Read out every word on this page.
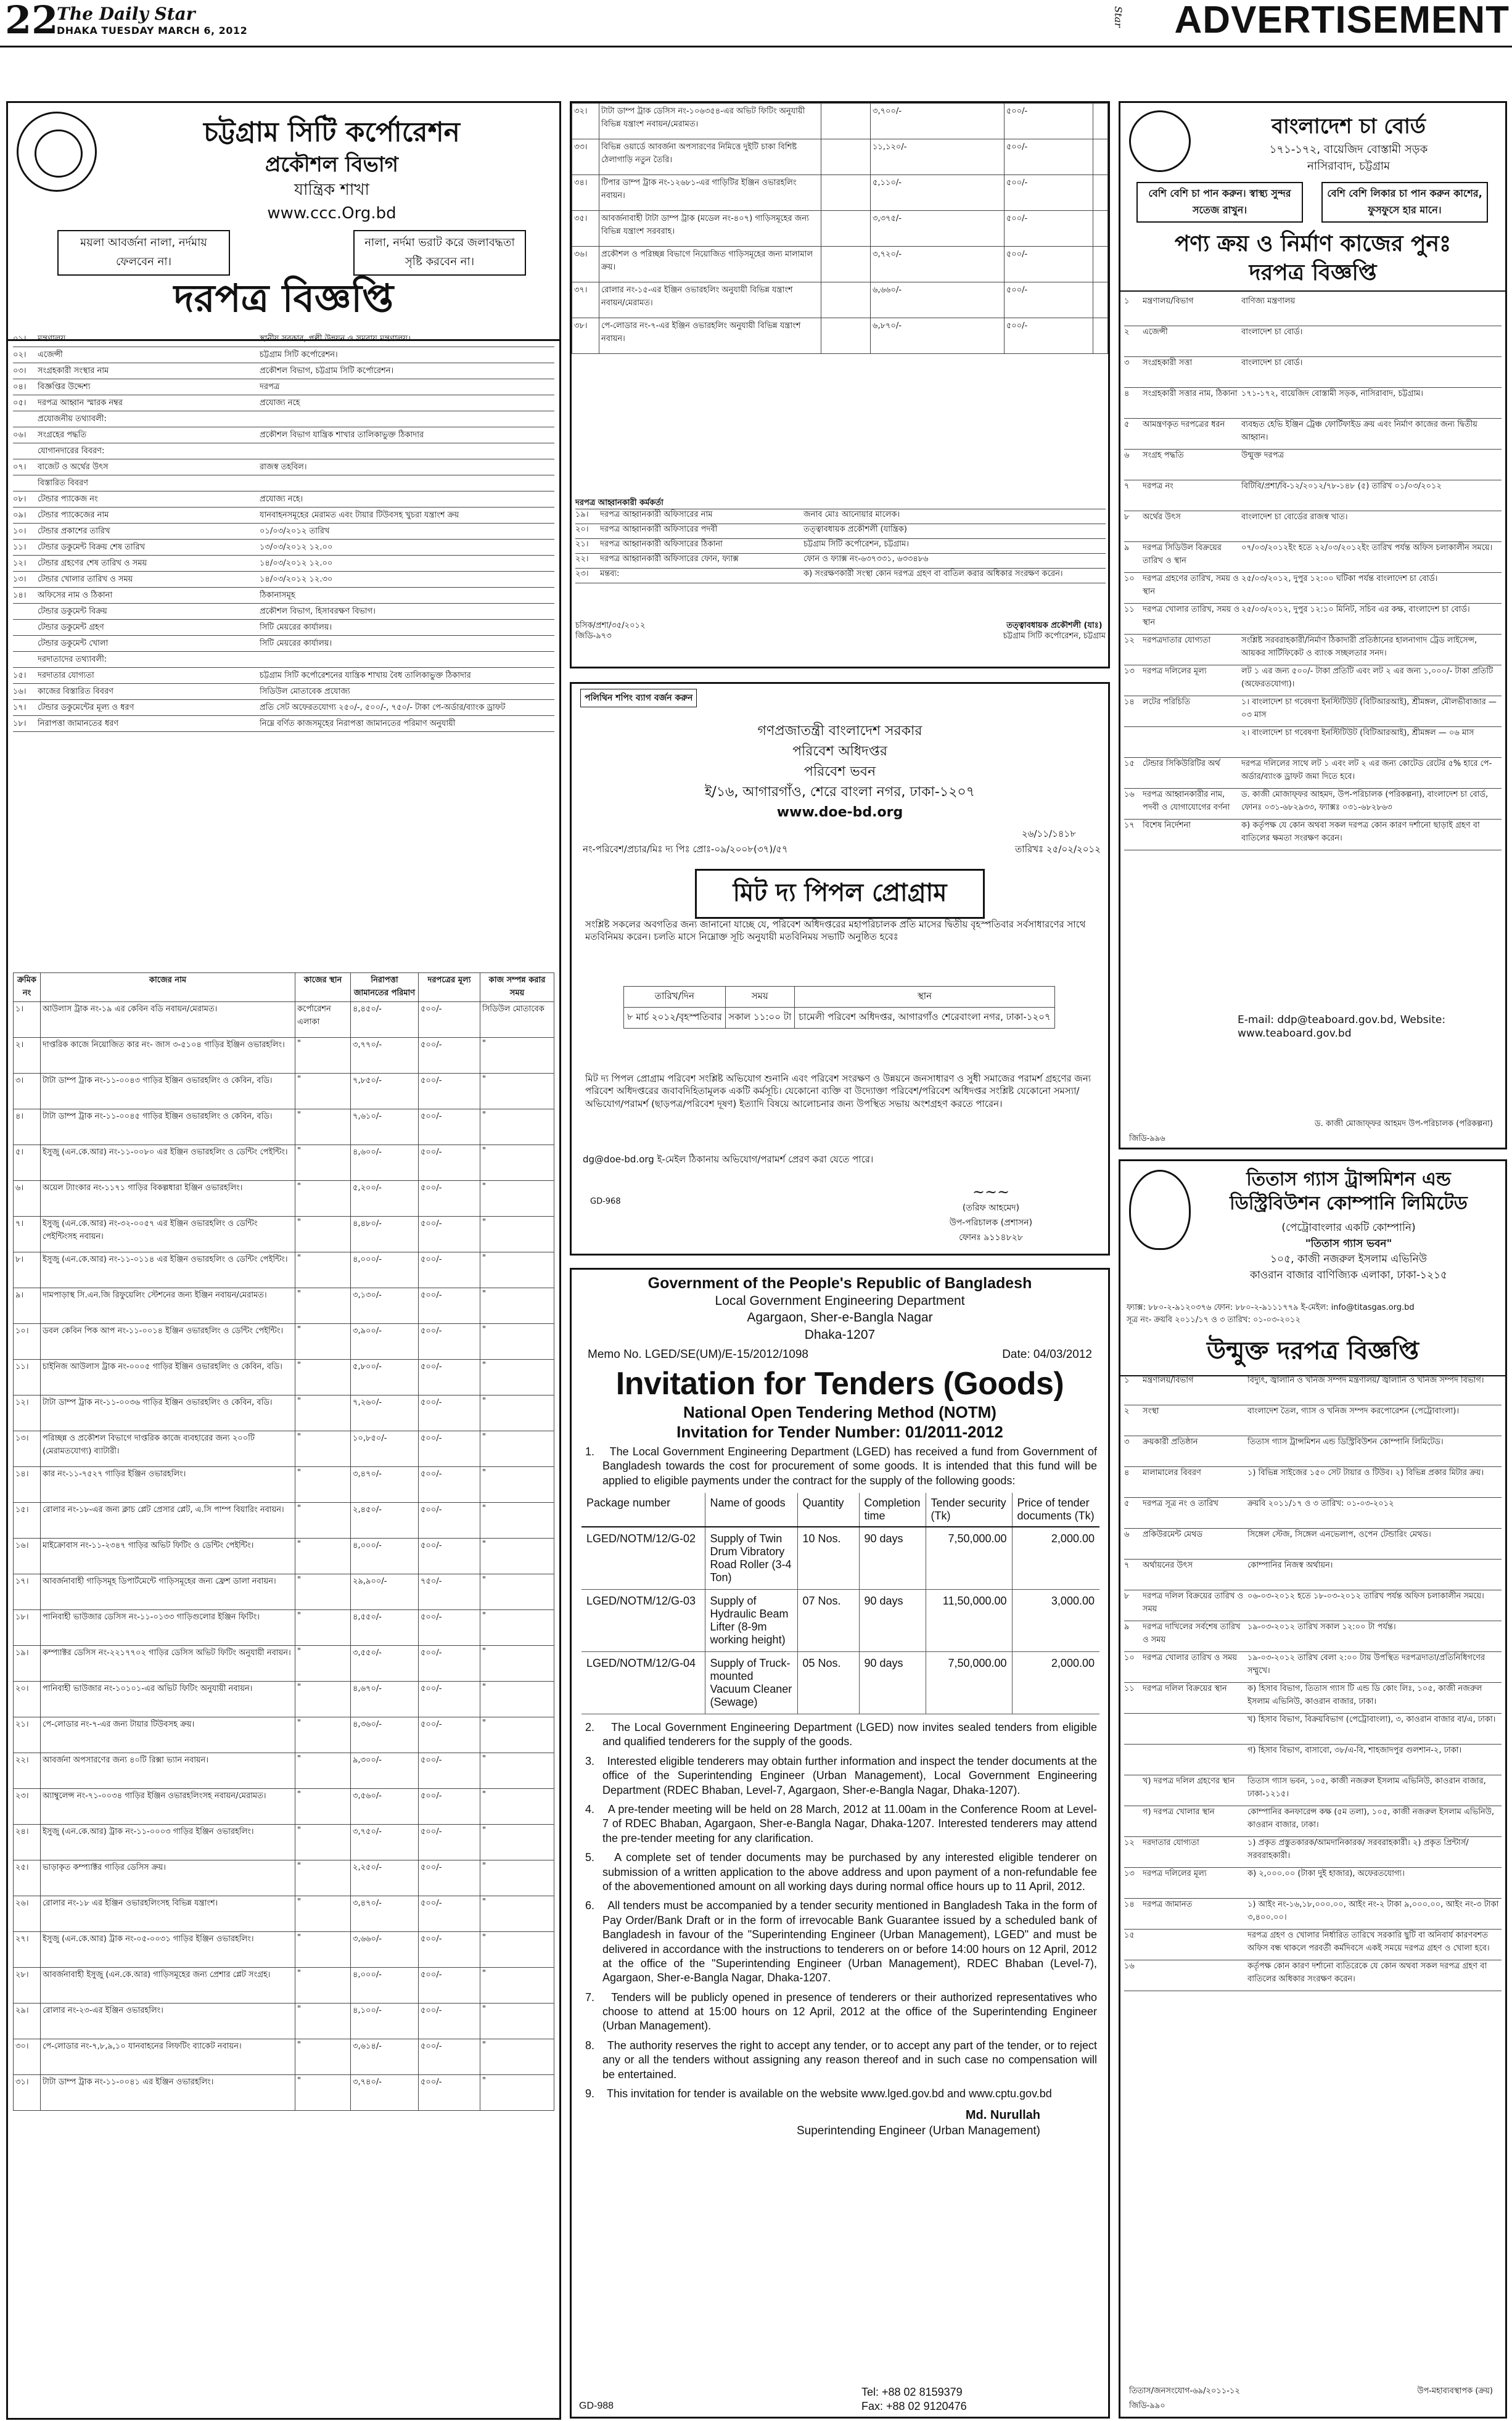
22
The Daily Star
DHAKA TUESDAY MARCH 6, 2012
Star ADVERTISEMENT
চট্টগ্রাম সিটি কর্পোরেশন
প্রকৌশল বিভাগ
যান্ত্রিক শাখা
www.ccc.Org.bd
ময়লা আবর্জনা নালা, নর্দমায় ফেলবেন না।
নালা, নর্দমা ভরাট করে জলাবদ্ধতা সৃষ্টি করবেন না।
দরপত্র বিজ্ঞপ্তি
০১।	মন্ত্রণালয়	স্থানীয় সরকার, পল্লী উন্নয়ন ও সমবায় মন্ত্রণালয়।
০২।	এজেন্সী	চট্টগ্রাম সিটি কর্পোরেশন।
০৩।	সংগ্রহকারী সংস্থার নাম	প্রকৌশল বিভাগ, চট্টগ্রাম সিটি কর্পোরেশন।
০৪।	বিজ্ঞপ্তির উদ্দেশ্য	দরপত্র
০৫।	দরপত্র আহ্বান স্মারক নম্বর	প্রযোজ্য নহে
প্রযোজনীয় তথ্যাবলী:
০৬।	সংগ্রহের পদ্ধতি	প্রকৌশল বিভাগ যান্ত্রিক শাখার তালিকাভুক্ত ঠিকাদার
যোগানদারের বিবরণ:
০৭।	বাজেট ও অর্থের উৎস	রাজস্ব তহবিল।
বিস্তারিত বিবরণ
০৮।	টেন্ডার প্যাকেজ নং	প্রযোজ্য নহে।
০৯।	টেন্ডার প্যাকেজের নাম	যানবাহনসমূহের মেরামত এবং টায়ার টিউবসহ খুচরা যন্ত্রাংশ ক্রয়
১০।	টেন্ডার প্রকাশের তারিখ	০১/০৩/২০১২ তারিখ
১১।	টেন্ডার ডকুমেন্ট বিক্রয় শেষ তারিখ	১৩/০৩/২০১২ ১২.০০
১২।	টেন্ডার গ্রহণের শেষ তারিখ ও সময়	১৪/০৩/২০১২ ১২.০০
১৩।	টেন্ডার খোলার তারিখ ও সময়	১৪/০৩/২০১২ ১২.৩০
১৪।	অফিসের নাম ও ঠিকানা	ঠিকানাসমূহ
টেন্ডার ডকুমেন্ট বিক্রয়	প্রকৌশল বিভাগ, হিসাবরক্ষণ বিভাগ।
টেন্ডার ডকুমেন্ট গ্রহণ	সিটি মেয়রের কার্যালয়।
টেন্ডার ডকুমেন্ট খোলা	সিটি মেয়রের কার্যালয়।
দরদাতাদের তথ্যাবলী:
১৫।	দরদাতার যোগ্যতা	চট্টগ্রাম সিটি কর্পোরেশনের যান্ত্রিক শাখায় বৈধ তালিকাভুক্ত ঠিকাদার
১৬।	কাজের বিস্তারিত বিবরণ	সিডিউল মোতাবেক প্রযোজ্য
১৭।	টেন্ডার ডকুমেন্টের মূল্য ও ধরণ	প্রতি সেট অফেরতযোগ্য ২৫০/-, ৫০০/-, ৭৫০/- টাকা পে-অর্ডার/ব্যাংক ড্রাফট
১৮।	নিরাপত্তা জামানতের ধরণ	নিম্নে বর্ণিত কাজসমূহের নিরাপত্তা জামানতের পরিমাণ অনুযায়ী
ক্রমিক নং	কাজের নাম	কাজের স্থান	নিরাপত্তা জামানতের পরিমাণ	দরপত্রের মূল্য	কাজ সম্পন্ন করার সময়
১।	আউলাস ট্রাক নং-১৯ এর কেবিন বডি নবায়ন/মেরামত।	কর্পোরেশন এলাকা	৪,৪৫০/-	৫০০/-	সিডিউল মোতাবেক
২।	দাপ্তরিক কাজে নিয়োজিত কার নং- জাস ৩-৫১০৪ গাড়ির ইঞ্জিন ওভারহলিং।	"	৩,৭৭০/-	৫০০/-	"
৩।	টাটা ডাম্প ট্রাক নং-১১-০০৪৩ গাড়ির ইঞ্জিন ওভারহলিং ও কেবিন, বডি।	"	৭,৮৫০/-	৫০০/-	"
৪।	টাটা ডাম্প ট্রাক নং-১১-০০৪৫ গাড়ির ইঞ্জিন ওভারহলিং ও কেবিন, বডি।	"	৭,৬১০/-	৫০০/-	"
৫।	ইসুজু (এন.কে.আর) নং-১১-০০৮০ এর ইঞ্জিন ওভারহলিং ও ডেন্টিং পেইন্টিং।	"	৪,৬০০/-	৫০০/-	"
৬।	অয়েল ট্যাংকার নং-১১৭১ গাড়ির বিকল্পধারা ইঞ্জিন ওভারহলিং।	"	৫,২০০/-	৫০০/-	"
৭।	ইসুজু (এন.কে.আর) নং-৩২-০০৫৭ এর ইঞ্জিন ওভারহলিং ও ডেন্টিং পেইন্টিংসহ নবায়ন।	"	৪,৪৮০/-	৫০০/-	"
৮।	ইসুজু (এন.কে.আর) নং-১১-০১১৪ এর ইঞ্জিন ওভারহলিং ও ডেন্টিং পেইন্টিং।	"	৪,০০০/-	৫০০/-	"
৯।	দামপাড়াস্থ সি.এন.জি রিফুয়েলিং স্টেশনের জন্য ইঞ্জিন নবায়ন/মেরামত।	"	৩,১৩০/-	৫০০/-	"
১০।	ডবল কেবিন পিক আপ নং-১১-০০১৪ ইঞ্জিন ওভারহলিং ও ডেন্টিং পেইন্টিং।	"	৩,৯০০/-	৫০০/-	"
১১।	চাইনিজ আউলাস ট্রাক নং-০০০৫ গাড়ির ইঞ্জিন ওভারহলিং ও কেবিন, বডি।	"	৫,৮০০/-	৫০০/-	"
১২।	টাটা ডাম্প ট্রাক নং-১১-০০৩৬ গাড়ির ইঞ্জিন ওভারহলিং ও কেবিন, বডি।	"	৭,২৬০/-	৫০০/-	"
১৩।	পরিচ্ছন্ন ও প্রকৌশল বিভাগে দাপ্তরিক কাজে ব্যবহারের জন্য ২০০টি (মেরামতযোগ্য) ব্যাটারী।	"	১০,৮৫০/-	৫০০/-	"
১৪।	কার নং-১১-৭৫২৭ গাড়ির ইঞ্জিন ওভারহলিং।	"	৩,৪৭০/-	৫০০/-	"
১৫।	রোলার নং-১৮-এর জন্য ক্লাচ প্লেট প্রেসার প্লেট, এ.সি পাম্প বিয়ারিং নবায়ন।	"	২,৪৫০/-	৫০০/-	"
১৬।	মাইক্রোবাস নং-১১-২৩৪৭ গাড়ির অভিট ফিটিং ও ডেন্টিং পেইন্টিং।	"	৪,০০০/-	৫০০/-	"
১৭।	আবর্জনাবাহী গাড়িসমূহ ডিপার্টমেন্টে গাড়িসমূহের জন্য ফ্রেশ ডালা নবায়ন।	"	২৯,৯০০/-	৭৫০/-	"
১৮।	পানিবাহী ভাউজার ডেসিস নং-১১-০১৩৩ গাড়িগুলোর ইঞ্জিন ফিটিং।	"	৪,৫৫০/-	৫০০/-	"
১৯।	কম্প্যাক্টর ডেসিস নং-২২১৭৭০২ গাড়ির ডেসিস অভিট ফিটিং অনুযায়ী নবায়ন।	"	৩,৫৫০/-	৫০০/-	"
২০।	পানিবাহী ভাউজার নং-১০১০১-এর অভিট ফিটিং অনুযায়ী নবায়ন।	"	৪,৬৭০/-	৫০০/-	"
২১।	পে-লোডার নং-৭-এর জন্য টায়ার টিউবসহ ক্রয়।	"	৪,৩৬০/-	৫০০/-	"
২২।	আবর্জনা অপসারণের জন্য ৪০টি রিক্সা ভ্যান নবায়ন।	"	৯,৩০০/-	৫০০/-	"
২৩।	অ্যাম্বুলেন্স নং-৭১-০০৩৪ গাড়ির ইঞ্জিন ওভারহলিংসহ নবায়ন/মেরামত।	"	৩,৫৬০/-	৫০০/-	"
২৪।	ইসুজু (এন.কে.আর) ট্রাক নং-১১-০০০৩ গাড়ির ইঞ্জিন ওভারহলিং।	"	৩,৭৫০/-	৫০০/-	"
২৫।	ভাড়াকৃত কম্প্যাক্টর গাড়ির ডেসিস ক্রয়।	"	২,২৫০/-	৫০০/-	"
২৬।	রোলার নং-১৮ এর ইঞ্জিন ওভারহলিংসহ বিভিন্ন যন্ত্রাংশ।	"	৩,৪৭০/-	৫০০/-	"
২৭।	ইসুজু (এন.কে.আর) ট্রাক নং-০৫-০০৩১ গাড়ির ইঞ্জিন ওভারহলিং।	"	৩,৬৬০/-	৫০০/-	"
২৮।	আবর্জনাবাহী ইসুজু (এন.কে.আর) গাড়িসমূহের জন্য প্রেশার প্লেট সংগ্রহ।	"	৪,০০০/-	৫০০/-	"
২৯।	রোলার নং-২৩-এর ইঞ্জিন ওভারহলিং।	"	৪,১০০/-	৫০০/-	"
৩০।	পে-লোডার নং-৭,৮,৯,১০ যানবাহনের লিফটিং ব্যাকেট নবায়ন।	"	৩,৬১৪/-	৫০০/-	"
৩১।	টাটা ডাম্প ট্রাক নং-১১-০০৪১ এর ইঞ্জিন ওভারহলিং।	"	৩,৭৪০/-	৫০০/-	"
৩২।	টাটা ডাম্প ট্রাক ডেসিস নং-১০৬৩৫৪-এর অভিট ফিটিং অনুযায়ী বিভিন্ন যন্ত্রাংশ নবায়ন/মেরামত।		৩,৭০০/-	৫০০/-	
৩৩।	বিভিন্ন ওয়ার্ডে আবর্জনা অপসারণের নিমিত্তে দুইটি চাকা বিশিষ্ট ঠেলাগাড়ি নতুন তৈরি।		১১,১২০/-	৫০০/-	
৩৪।	টিপার ডাম্প ট্রাক নং-১২৬৮১-এর গাড়িটির ইঞ্জিন ওভারহলিং নবায়ন।		৫,১১০/-	৫০০/-	
৩৫।	আবর্জনাবাহী টাটা ডাম্প ট্রাক (মডেল নং-৪০৭) গাড়িসমূহের জন্য বিভিন্ন যন্ত্রাংশ সরবরাহ।		৩,৩৭৫/-	৫০০/-	
৩৬।	প্রকৌশল ও পরিচ্ছন্ন বিভাগে নিয়োজিত গাড়িসমূহের জন্য মালামাল ক্রয়।		৩,৭২০/-	৫০০/-	
৩৭।	রোলার নং-১৫-এর ইঞ্জিন ওভারহলিং অনুযায়ী বিভিন্ন যন্ত্রাংশ নবায়ন/মেরামত।		৬,৬৬০/-	৫০০/-	
৩৮।	পে-লোডার নং-৭-এর ইঞ্জিন ওভারহলিং অনুযায়ী বিভিন্ন যন্ত্রাংশ নবায়ন।		৬,৮৭০/-	৫০০/-	
দরপত্র আহ্বানকারী কর্মকর্তা
১৯।	দরপত্র আহ্বানকারী অফিসারের নাম	জনাব মোঃ আনোয়ার মালেক।
২০।	দরপত্র আহ্বানকারী অফিসারের পদবী	তত্ত্বাবধায়ক প্রকৌশলী (যান্ত্রিক)
২১।	দরপত্র আহ্বানকারী অফিসারের ঠিকানা	চট্টগ্রাম সিটি কর্পোরেশন, চট্টগ্রাম।
২২।	দরপত্র আহ্বানকারী অফিসারের ফোন, ফ্যাক্স	ফোন ও ফ্যাক্স নং-৬৩৭৩৩১, ৬৩৩৪৮৬
২৩।	মন্তব্য:	ক) সংরক্ষণকারী সংস্থা কোন দরপত্র গ্রহণ বা বাতিল করার অধিকার সংরক্ষণ করেন।
চসিক/প্রশা/৩৫/২০১২
জিডি-৯৭৩
তত্ত্বাবধায়ক প্রকৌশলী (যাঃ)
চট্টগ্রাম সিটি কর্পোরেশন, চট্টগ্রাম
পলিথিন শপিং ব্যাগ বর্জন করুন
গণপ্রজাতন্ত্রী বাংলাদেশ সরকার
পরিবেশ অধিদপ্তর
পরিবেশ ভবন
ই/১৬, আগারগাঁও, শেরে বাংলা নগর, ঢাকা-১২০৭
www.doe-bd.org
২৬/১১/১৪১৮
নং-পরিবেশ/প্রচার/মিঃ দ্য পিঃ প্রোঃ-০৯/২০০৮(৩৭)/৫৭	তারিখঃ ২৫/০২/২০১২
মিট দ্য পিপল প্রোগ্রাম
সংশ্লিষ্ট সকলের অবগতির জন্য জানানো যাচ্ছে যে, পরিবেশ অধিদপ্তরের মহাপরিচালক প্রতি মাসের দ্বিতীয় বৃহস্পতিবার সর্বসাধারণের সাথে মতবিনিময় করেন। চলতি মাসে নিম্নোক্ত সূচি অনুযায়ী মতবিনিময় সভাটি অনুষ্ঠিত হবেঃ
তারিখ/দিন	সময়	স্থান
৮ মার্চ ২০১২/বৃহস্পতিবার	সকাল ১১:০০ টা	চামেলী পরিবেশ অধিদপ্তর, আগারগাঁও শেরেবাংলা নগর, ঢাকা-১২০৭
মিট দ্য পিপল প্রোগ্রাম পরিবেশ সংশ্লিষ্ট অভিযোগ শুনানি এবং পরিবেশ সংরক্ষণ ও উন্নয়নে জনসাধারণ ও সুধী সমাজের পরামর্শ গ্রহণের জন্য পরিবেশ অধিদপ্তরের জবাবদিহিতামূলক একটি কর্মসূচি। যেকোনো ব্যক্তি বা উদ্যোক্তা পরিবেশ/পরিবেশ অধিদপ্তর সংশ্লিষ্ট যেকোনো সমস্যা/অভিযোগ/পরামর্শ (ছাড়পত্র/পরিবেশ দূষণ) ইত্যাদি বিষয়ে আলোচনার জন্য উপস্থিত সভায় অংশগ্রহণ করতে পারেন।
dg@doe-bd.org ই-মেইল ঠিকানায় অভিযোগ/পরামর্শ প্রেরণ করা যেতে পারে।
~~~
(তরিফ আহমেদ)
উপ-পরিচালক (প্রশাসন)
ফোনঃ ৯১১৪৮২৮
GD-968
Government of the People's Republic of Bangladesh
Local Government Engineering Department
Agargaon, Sher-e-Bangla Nagar
Dhaka-1207
Memo No. LGED/SE(UM)/E-15/2012/1098	Date: 04/03/2012
Invitation for Tenders (Goods)
National Open Tendering Method (NOTM)
Invitation for Tender Number: 01/2011-2012
1.    The Local Government Engineering Department (LGED) has received a fund from Government of Bangladesh towards the cost for procurement of some goods. It is intended that this fund will be applied to eligible payments under the contract for the supply of the following goods:
Package number	Name of goods	Quantity	Completion time	Tender security (Tk)	Price of tender documents (Tk)
LGED/NOTM/12/G-02	Supply of Twin Drum Vibratory Road Roller (3-4 Ton)	10 Nos.	90 days	7,50,000.00	2,000.00
LGED/NOTM/12/G-03	Supply of Hydraulic Beam Lifter (8-9m working height)	07 Nos.	90 days	11,50,000.00	3,000.00
LGED/NOTM/12/G-04	Supply of Truck-mounted Vacuum Cleaner (Sewage)	05 Nos.	90 days	7,50,000.00	2,000.00
2.    The Local Government Engineering Department (LGED) now invites sealed tenders from eligible and qualified tenderers for the supply of the goods.
3.    Interested eligible tenderers may obtain further information and inspect the tender documents at the office of the Superintending Engineer (Urban Management), Local Government Engineering Department (RDEC Bhaban, Level-7, Agargaon, Sher-e-Bangla Nagar, Dhaka-1207).
4.    A pre-tender meeting will be held on 28 March, 2012 at 11.00am in the Conference Room at Level-7 of RDEC Bhaban, Agargaon, Sher-e-Bangla Nagar, Dhaka-1207. Interested tenderers may attend the pre-tender meeting for any clarification.
5.    A complete set of tender documents may be purchased by any interested eligible tenderer on submission of a written application to the above address and upon payment of a non-refundable fee of the abovementioned amount on all working days during normal office hours up to 11 April, 2012.
6.    All tenders must be accompanied by a tender security mentioned in Bangladesh Taka in the form of Pay Order/Bank Draft or in the form of irrevocable Bank Guarantee issued by a scheduled bank of Bangladesh in favour of the "Superintending Engineer (Urban Management), LGED" and must be delivered in accordance with the instructions to tenderers on or before 14:00 hours on 12 April, 2012 at the office of the "Superintending Engineer (Urban Management), RDEC Bhaban (Level-7), Agargaon, Sher-e-Bangla Nagar, Dhaka-1207.
7.    Tenders will be publicly opened in presence of tenderers or their authorized representatives who choose to attend at 15:00 hours on 12 April, 2012 at the office of the Superintending Engineer (Urban Management).
8.    The authority reserves the right to accept any tender, or to accept any part of the tender, or to reject any or all the tenders without assigning any reason thereof and in such case no compensation will be entertained.
9.    This invitation for tender is available on the website www.lged.gov.bd and www.cptu.gov.bd
Md. Nurullah
Superintending Engineer (Urban Management)
GD-988
Tel: +88 02 8159379
Fax: +88 02 9120476
বাংলাদেশ চা বোর্ড
১৭১-১৭২, বায়েজিদ বোস্তামী সড়ক
নাসিরাবাদ, চট্টগ্রাম
বেশি বেশি চা পান করুন। স্বাস্থ্য সুন্দর সতেজ রাখুন।
বেশি বেশি লিকার চা পান করুন কাশের, ফুসফুসে হার মানে।
পণ্য ক্রয় ও নির্মাণ কাজের পুনঃ
দরপত্র বিজ্ঞপ্তি
১	মন্ত্রণালয়/বিভাগ	বাণিজ্য মন্ত্রণালয়
২	এজেন্সী	বাংলাদেশ চা বোর্ড।
৩	সংগ্রহকারী সত্তা	বাংলাদেশ চা বোর্ড।
৪	সংগ্রহকারী সত্তার নাম, ঠিকানা ১৭১-১৭২, বায়েজিদ বোস্তামী সড়ক, নাসিরাবাদ, চট্টগ্রাম।
৫	আমন্ত্রণকৃত দরপত্রের ধরন	ব্যবহৃত হেভি ইঞ্জিন ট্রেঞ্চ ফোর্টিফাইড ক্রয় এবং নির্মাণ কাজের জন্য দ্বিতীয় আহ্বান।
৬	সংগ্রহ পদ্ধতি	উন্মুক্ত দরপত্র
৭	দরপত্র নং	বিটিবি/প্রশা/বি-১২/২০১২/৭৮-১৪৮ (৫) তারিখ ০১/০৩/২০১২
৮	অর্থের উৎস	বাংলাদেশ চা বোর্ডের রাজস্ব খাত।
৯	দরপত্র সিডিউল বিক্রয়ের তারিখ ও স্থান
০৭/০৩/২০১২ইং হতে ২২/০৩/২০১২ইং তারিখ পর্যন্ত অফিস চলাকালীন সময়ে।
১০	দরপত্র গ্রহণের তারিখ, সময় ও স্থান
২৫/০৩/২০১২, দুপুর ১২:০০ ঘটিকা পর্যন্ত বাংলাদেশ চা বোর্ড।
১১	দরপত্র খোলার তারিখ, সময় ও স্থান
২৫/০৩/২০১২, দুপুর ১২:১০ মিনিট, সচিব এর কক্ষ, বাংলাদেশ চা বোর্ড।
১২	দরপত্রদাতার যোগ্যতা	সংশ্লিষ্ট সরবরাহকারী/নির্মাণ ঠিকাদারী প্রতিষ্ঠানের হালনাগাদ ট্রেড লাইসেন্স, আয়কর সার্টিফিকেট ও ব্যাংক সচ্ছলতার সনদ।
১৩	দরপত্র দলিলের মূল্য	লট ১ এর জন্য ৫০০/- টাকা প্রতিটি এবং লট ২ এর জন্য ১,০০০/- টাকা প্রতিটি (অফেরতযোগ্য)।
১৪	লটের পরিচিতি	১। বাংলাদেশ চা গবেষণা ইনস্টিটিউট (বিটিআরআই), শ্রীমঙ্গল, মৌলভীবাজার — ০৩ মাস
২। বাংলাদেশ চা গবেষণা ইনস্টিটিউট (বিটিআরআই), শ্রীমঙ্গল — ০৬ মাস
১৫	টেন্ডার সিকিউরিটির অর্থ	দরপত্র দলিলের সাথে লট ১ এবং লট ২ এর জন্য কোটেড রেটের ৫% হারে পে-অর্ডার/ব্যাংক ড্রাফট জমা দিতে হবে।
১৬	দরপত্র আহ্বানকারীর নাম, পদবী ও যোগাযোগের বর্ণনা
ড. কাজী মোজাফ্ফর আহমদ, উপ-পরিচালক (পরিকল্পনা), বাংলাদেশ চা বোর্ড, ফোনঃ ০৩১-৬৮২৯৩৩, ফ্যাক্সঃ ০৩১-৬৮২৮৬৩
১৭	বিশেষ নির্দেশনা	ক) কর্তৃপক্ষ যে কোন অথবা সকল দরপত্র কোন কারণ দর্শানো ছাড়াই গ্রহণ বা বাতিলের ক্ষমতা সংরক্ষণ করেন।
E-mail: ddp@teaboard.gov.bd, Website: www.teaboard.gov.bd
ড. কাজী মোজাফ্ফর আহমদ উপ-পরিচালক (পরিকল্পনা)
জিডি-৯৯৬
তিতাস গ্যাস ট্রান্সমিশন এন্ড
ডিস্ট্রিবিউশন কোম্পানি লিমিটেড
(পেট্রোবাংলার একটি কোম্পানি)
"তিতাস গ্যাস ভবন"
১০৫, কাজী নজরুল ইসলাম এভিনিউ
কাওরান বাজার বাণিজ্যিক এলাকা, ঢাকা-১২১৫
ফ্যাক্স: ৮৮০-২-৯১২০৩৭৬ ফোন: ৮৮০-২-৯১১১৭৭৯ ই-মেইল: info@titasgas.org.bd
সূত্র নং- ক্রয়বি ২০১১/১৭ ও ৩ তারিখ: ০১-০৩-২০১২
উন্মুক্ত দরপত্র বিজ্ঞপ্তি
১	মন্ত্রণালয়/বিভাগ	বিদ্যুৎ, জ্বালানি ও খনিজ সম্পদ মন্ত্রণালয়/ জ্বালানি ও খনিজ সম্পদ বিভাগ।
২	সংস্থা	বাংলাদেশ তৈল, গ্যাস ও খনিজ সম্পদ করপোরেশন (পেট্রোবাংলা)।
৩	ক্রয়কারী প্রতিষ্ঠান	তিতাস গ্যাস ট্রান্সমিশন এন্ড ডিস্ট্রিবিউশন কোম্পানি লিমিটেড।
৪	মালামালের বিবরণ	১) বিভিন্ন সাইজের ১৫০ সেট টায়ার ও টিউব। ২) বিভিন্ন প্রকার মিটার ক্রয়।
৫	দরপত্র সূত্র নং ও তারিখ	ক্রয়বি ২০১১/১৭ ও ৩ তারিখ: ০১-০৩-২০১২
৬	প্রকিউরমেন্ট মেথড	সিঙ্গেল স্টেজ, সিঙ্গেল এনভেলাপ, ওপেন টেন্ডারিং মেথড।
৭	অর্থায়নের উৎস	কোম্পানির নিজস্ব অর্থায়ন।
৮	দরপত্র দলিল বিক্রয়ের তারিখ ও সময়
০৬-০৩-২০১২ হতে ১৮-০৩-২০১২ তারিখ পর্যন্ত অফিস চলাকালীন সময়ে।
৯	দরপত্র দাখিলের সর্বশেষ তারিখ ও সময়
১৯-০৩-২০১২ তারিখ সকাল ১২:০০ টা পর্যন্ত।
১০	দরপত্র খোলার তারিখ ও সময়	১৯-০৩-২০১২ তারিখ বেলা ২:০০ টায় উপস্থিত দরপত্রদাতা/প্রতিনিধিগণের সম্মুখে।
১১	দরপত্র দলিল বিক্রয়ের স্থান	ক) হিসাব বিভাগ, তিতাস গ্যাস টি এন্ড ডি কোং লিঃ, ১০৫, কাজী নজরুল ইসলাম এভিনিউ, কাওরান বাজার, ঢাকা।
খ) হিসাব বিভাগ, বিক্রয়বিভাগ (পেট্রোবাংলা), ৩, কাওরান বাজার বা/এ, ঢাকা।
গ) হিসাব বিভাগ, বাসাবো, ৩৮/এ-বি, শাহজাদপুর গুলশান-২, ঢাকা।
খ) দরপত্র দলিল গ্রহণের স্থান	তিতাস গ্যাস ভবন, ১০৫, কাজী নজরুল ইসলাম এভিনিউ, কাওরান বাজার, ঢাকা-১২১৫।
গ) দরপত্র খোলার স্থান	কোম্পানির কনফারেন্স কক্ষ (৫ম তলা), ১০৫, কাজী নজরুল ইসলাম এভিনিউ, কাওরান বাজার, ঢাকা।
১২	দরদাতার যোগ্যতা	১) প্রকৃত প্রস্তুতকারক/আমদানিকারক/ সরবরাহকারী। ২) প্রকৃত প্রিন্টার্স/সরবরাহকারী।
১৩	দরপত্র দলিলের মূল্য	ক) ২,০০০.০০ (টাকা দুই হাজার), অফেরতযোগ্য।
১৪	দরপত্র জামানত	১) আইং নং-১৬,১৮,০০০.০০, আইং নং-২ টাকা ৯,০০০.০০, আইং নং-৩ টাকা ৩,৪০০.০০।
১৫	দরপত্র গ্রহণ ও খোলার নির্ধারিত তারিখে সরকারি ছুটি বা অনিবার্য কারণবশত অফিস বন্ধ থাকলে পরবর্তী কর্মদিবসে একই সময়ে দরপত্র গ্রহণ ও খোলা হবে।
১৬	কর্তৃপক্ষ কোন কারণ দর্শানো ব্যতিরেকে যে কোন অথবা সকল দরপত্র গ্রহণ বা বাতিলের অধিকার সংরক্ষণ করেন।
তিতাস/জনসংযোগ-৬৯/২০১১-১২	উপ-মহাব্যবস্থাপক (ক্রয়)
জিডি-৯৯০
